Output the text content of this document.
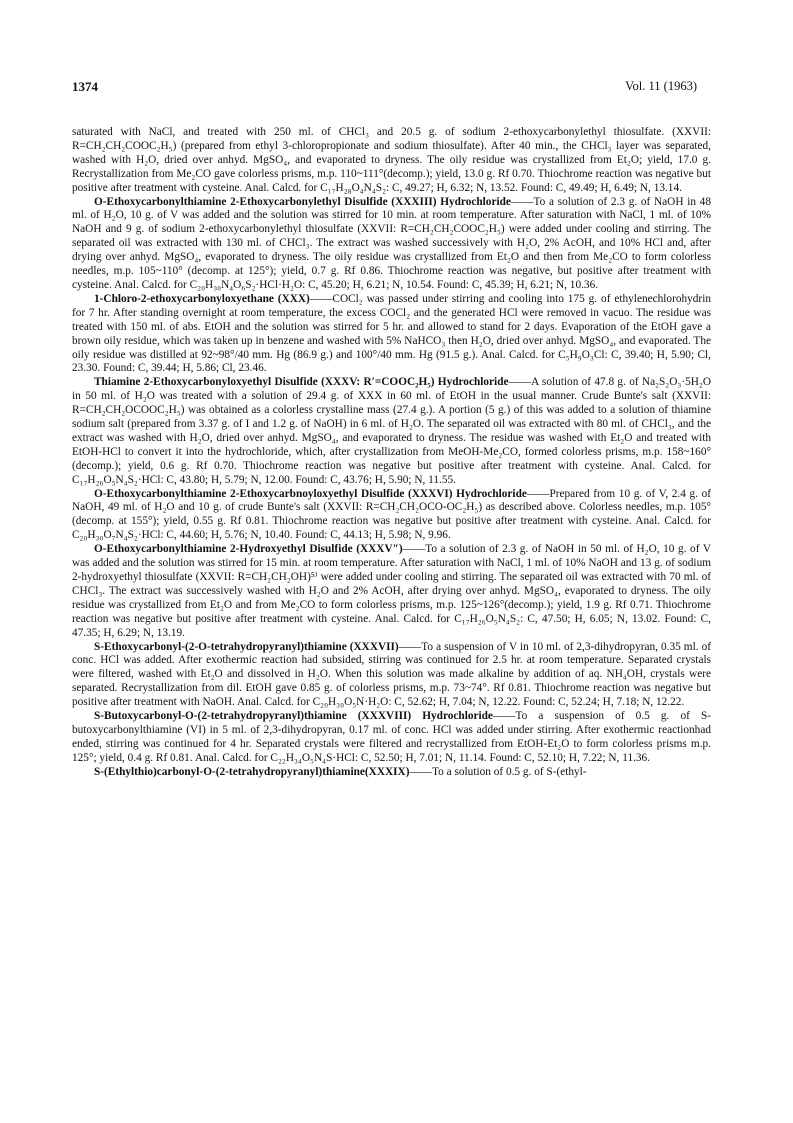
1374	Vol. 11 (1963)

saturated with NaCl, and treated with 250 ml. of CHCl₃ and 20.5 g. of sodium 2-ethoxycarbonylethyl thiosulfate. (XXVII: R=CH₂CH₂COOC₂H₅) (prepared from ethyl 3-chloropropionate and sodium thiosulfate). After 40 min., the CHCl₃ layer was separated, washed with H₂O, dried over anhyd. MgSO₄, and evaporated to dryness. The oily residue was crystallized from Et₂O; yield, 17.0 g. Recrystallization from Me₂CO gave colorless prisms, m.p. 110~111°(decomp.); yield, 13.0 g. Rf 0.70. Thiochrome reaction was negative but positive after treatment with cysteine. Anal. Calcd. for C₁₇H₂₈O₄N₄S₂: C, 49.27; H, 6.32; N, 13.52. Found: C, 49.49; H, 6.49; N, 13.14.

O-Ethoxycarbonylthiamine 2-Ethoxycarbonylethyl Disulfide (XXXIII) Hydrochloride——To a solution of 2.3 g. of NaOH in 48 ml. of H₂O, 10 g. of V was added and the solution was stirred for 10 min. at room temperature. After saturation with NaCl, 1 ml. of 10% NaOH and 9 g. of sodium 2-ethoxycarbonylethyl thiosulfate (XXVII: R=CH₂CH₂COOC₂H₅) were added under cooling and stirring. The separated oil was extracted with 130 ml. of CHCl₃. The extract was washed successively with H₂O, 2% AcOH, and 10% HCl and, after drying over anhyd. MgSO₄, evaporated to dryness. The oily residue was crystallized from Et₂O and then from Me₂CO to form colorless needles, m.p. 105~110° (decomp. at 125°); yield, 0.7 g. Rf 0.86. Thiochrome reaction was negative, but positive after treatment with cysteine. Anal. Calcd. for C₂₀H₃₀N₄O₆S₂·HCl·H₂O: C, 45.20; H, 6.21; N, 10.54. Found: C, 45.39; H, 6.21; N, 10.36.

1-Chloro-2-ethoxycarbonyloxyethane (XXX)——COCl₂ was passed under stirring and cooling into 175 g. of ethylenechlorohydrin for 7 hr. After standing overnight at room temperature, the excess COCl₂ and the generated HCl were removed in vacuo. The residue was treated with 150 ml. of abs. EtOH and the solution was stirred for 5 hr. and allowed to stand for 2 days. Evaporation of the EtOH gave a brown oily residue, which was taken up in benzene and washed with 5% NaHCO₃ then H₂O, dried over anhyd. MgSO₄, and evaporated. The oily residue was distilled at 92~98°/40 mm. Hg (86.9 g.) and 100°/40 mm. Hg (91.5 g.). Anal. Calcd. for C₅H₉O₃Cl: C, 39.40; H, 5.90; Cl, 23.30. Found: C, 39.44; H, 5.86; Cl, 23.46.

Thiamine 2-Ethoxycarbonyloxyethyl Disulfide (XXXV: R′=COOC₂H₅) Hydrochloride——A solution of 47.8 g. of Na₂S₂O₃·5H₂O in 50 ml. of H₂O was treated with a solution of 29.4 g. of XXX in 60 ml. of EtOH in the usual manner. Crude Bunte's salt (XXVII: R=CH₂CH₂OCOOC₂H₅) was obtained as a colorless crystalline mass (27.4 g.). A portion (5 g.) of this was added to a solution of thiamine sodium salt (prepared from 3.37 g. of I and 1.2 g. of NaOH) in 6 ml. of H₂O. The separated oil was extracted with 80 ml. of CHCl₃, and the extract was washed with H₂O, dried over anhyd. MgSO₄, and evaporated to dryness. The residue was washed with Et₂O and treated with EtOH-HCl to convert it into the hydrochloride, which, after crystallization from MeOH-Me₂CO, formed colorless prisms, m.p. 158~160° (decomp.); yield, 0.6 g. Rf 0.70. Thiochrome reaction was negative but positive after treatment with cysteine. Anal. Calcd. for C₁₇H₂₆O₅N₄S₂·HCl: C, 43.80; H, 5.79; N, 12.00. Found: C, 43.76; H, 5.90; N, 11.55.

O-Ethoxycarbonylthiamine 2-Ethoxycarbnoyloxyethyl Disulfide (XXXVI) Hydrochloride——Prepared from 10 g. of V, 2.4 g. of NaOH, 49 ml. of H₂O and 10 g. of crude Bunte's salt (XXVII: R=CH₂CH₂OCO-OC₂H₅) as described above. Colorless needles, m.p. 105° (decomp. at 155°); yield, 0.55 g. Rf 0.81. Thiochrome reaction was negative but positive after treatment with cysteine. Anal. Calcd. for C₂₀H₃₀O₇N₄S₂·HCl: C, 44.60; H, 5.76; N, 10.40. Found: C, 44.13; H, 5.98; N, 9.96.

O-Ethoxycarbonylthiamine 2-Hydroxyethyl Disulfide (XXXV″)——To a solution of 2.3 g. of NaOH in 50 ml. of H₂O, 10 g. of V was added and the solution was stirred for 15 min. at room temperature. After saturation with NaCl, 1 ml. of 10% NaOH and 13 g. of sodium 2-hydroxyethyl thiosulfate (XXVII: R=CH₂CH₂OH)⁵⁾ were added under cooling and stirring. The separated oil was extracted with 70 ml. of CHCl₃. The extract was successively washed with H₂O and 2% AcOH, after drying over anhyd. MgSO₄, evaporated to dryness. The oily residue was crystallized from Et₂O and from Me₂CO to form colorless prisms, m.p. 125~126°(decomp.); yield, 1.9 g. Rf 0.71. Thiochrome reaction was negative but positive after treatment with cysteine. Anal. Calcd. for C₁₇H₂₆O₅N₄S₂: C, 47.50; H, 6.05; N, 13.02. Found: C, 47.35; H, 6.29; N, 13.19.

S-Ethoxycarbonyl-(2-O-tetrahydropyranyl)thiamine (XXXVII)——To a suspension of V in 10 ml. of 2,3-dihydropyran, 0.35 ml. of conc. HCl was added. After exothermic reaction had subsided, stirring was continued for 2.5 hr. at room temperature. Separated crystals were filtered, washed with Et₂O and dissolved in H₂O. When this solution was made alkaline by addition of aq. NH₄OH, crystals were separated. Recrystallization from dil. EtOH gave 0.85 g. of colorless prisms, m.p. 73~74°. Rf 0.81. Thiochrome reaction was negative but positive after treatment with NaOH. Anal. Calcd. for C₂₀H₃₀O₅N·H₂O: C, 52.62; H, 7.04; N, 12.22. Found: C, 52.24; H, 7.18; N, 12.22.

S-Butoxycarbonyl-O-(2-tetrahydropyranyl)thiamine (XXXVIII) Hydrochloride——To a suspension of 0.5 g. of S-butoxycarbonylthiamine (VI) in 5 ml. of 2,3-dihydropyran, 0.17 ml. of conc. HCl was added under stirring. After exothermic reactionhad ended, stirring was continued for 4 hr. Separated crystals were filtered and recrystallized from EtOH-Et₂O to form colorless prisms m.p. 125°; yield, 0.4 g. Rf 0.81. Anal. Calcd. for C₂₂H₃₄O₅N₄S·HCl: C, 52.50; H, 7.01; N, 11.14. Found: C, 52.10; H, 7.22; N, 11.36.

S-(Ethylthio)carbonyl-O-(2-tetrahydropyranyl)thiamine(XXXIX)——To a solution of 0.5 g. of S-(ethyl-
